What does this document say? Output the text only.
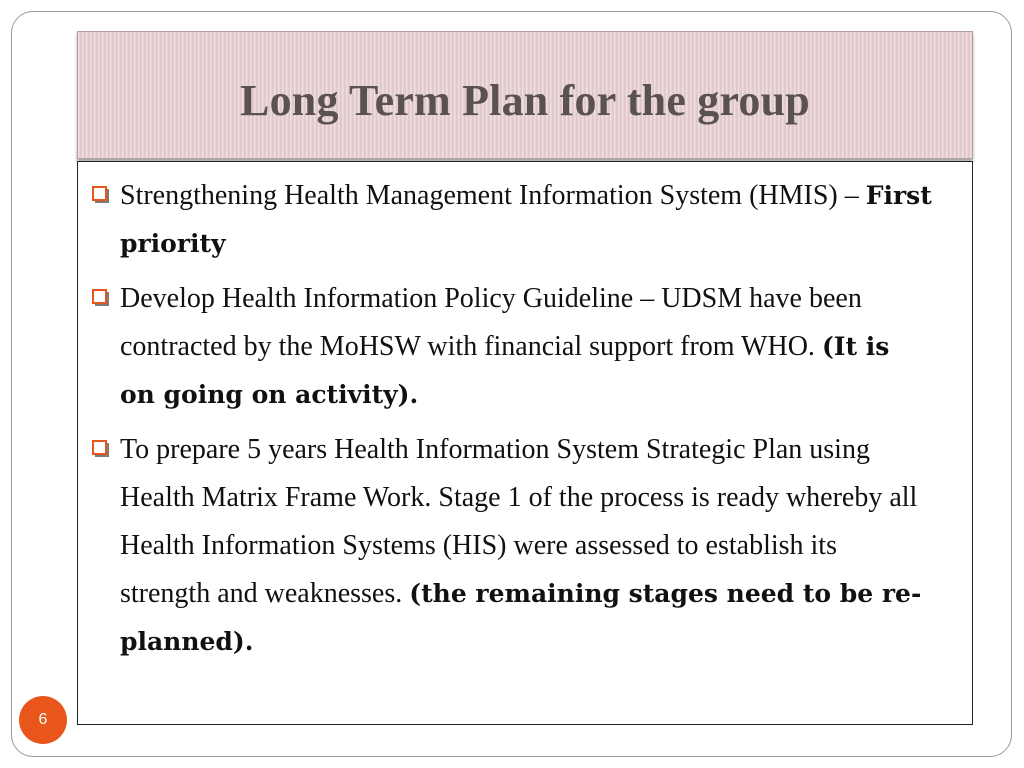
Long Term Plan for the group
Strengthening Health Management Information System (HMIS) – First priority
Develop Health Information Policy Guideline – UDSM have been contracted by the MoHSW with financial support from WHO. (It is on going on activity).
To prepare 5 years Health Information System Strategic Plan using Health Matrix Frame Work. Stage 1 of the process is ready whereby all Health Information Systems (HIS) were assessed to establish its strength and weaknesses. (the remaining stages need to be re-planned).
6
